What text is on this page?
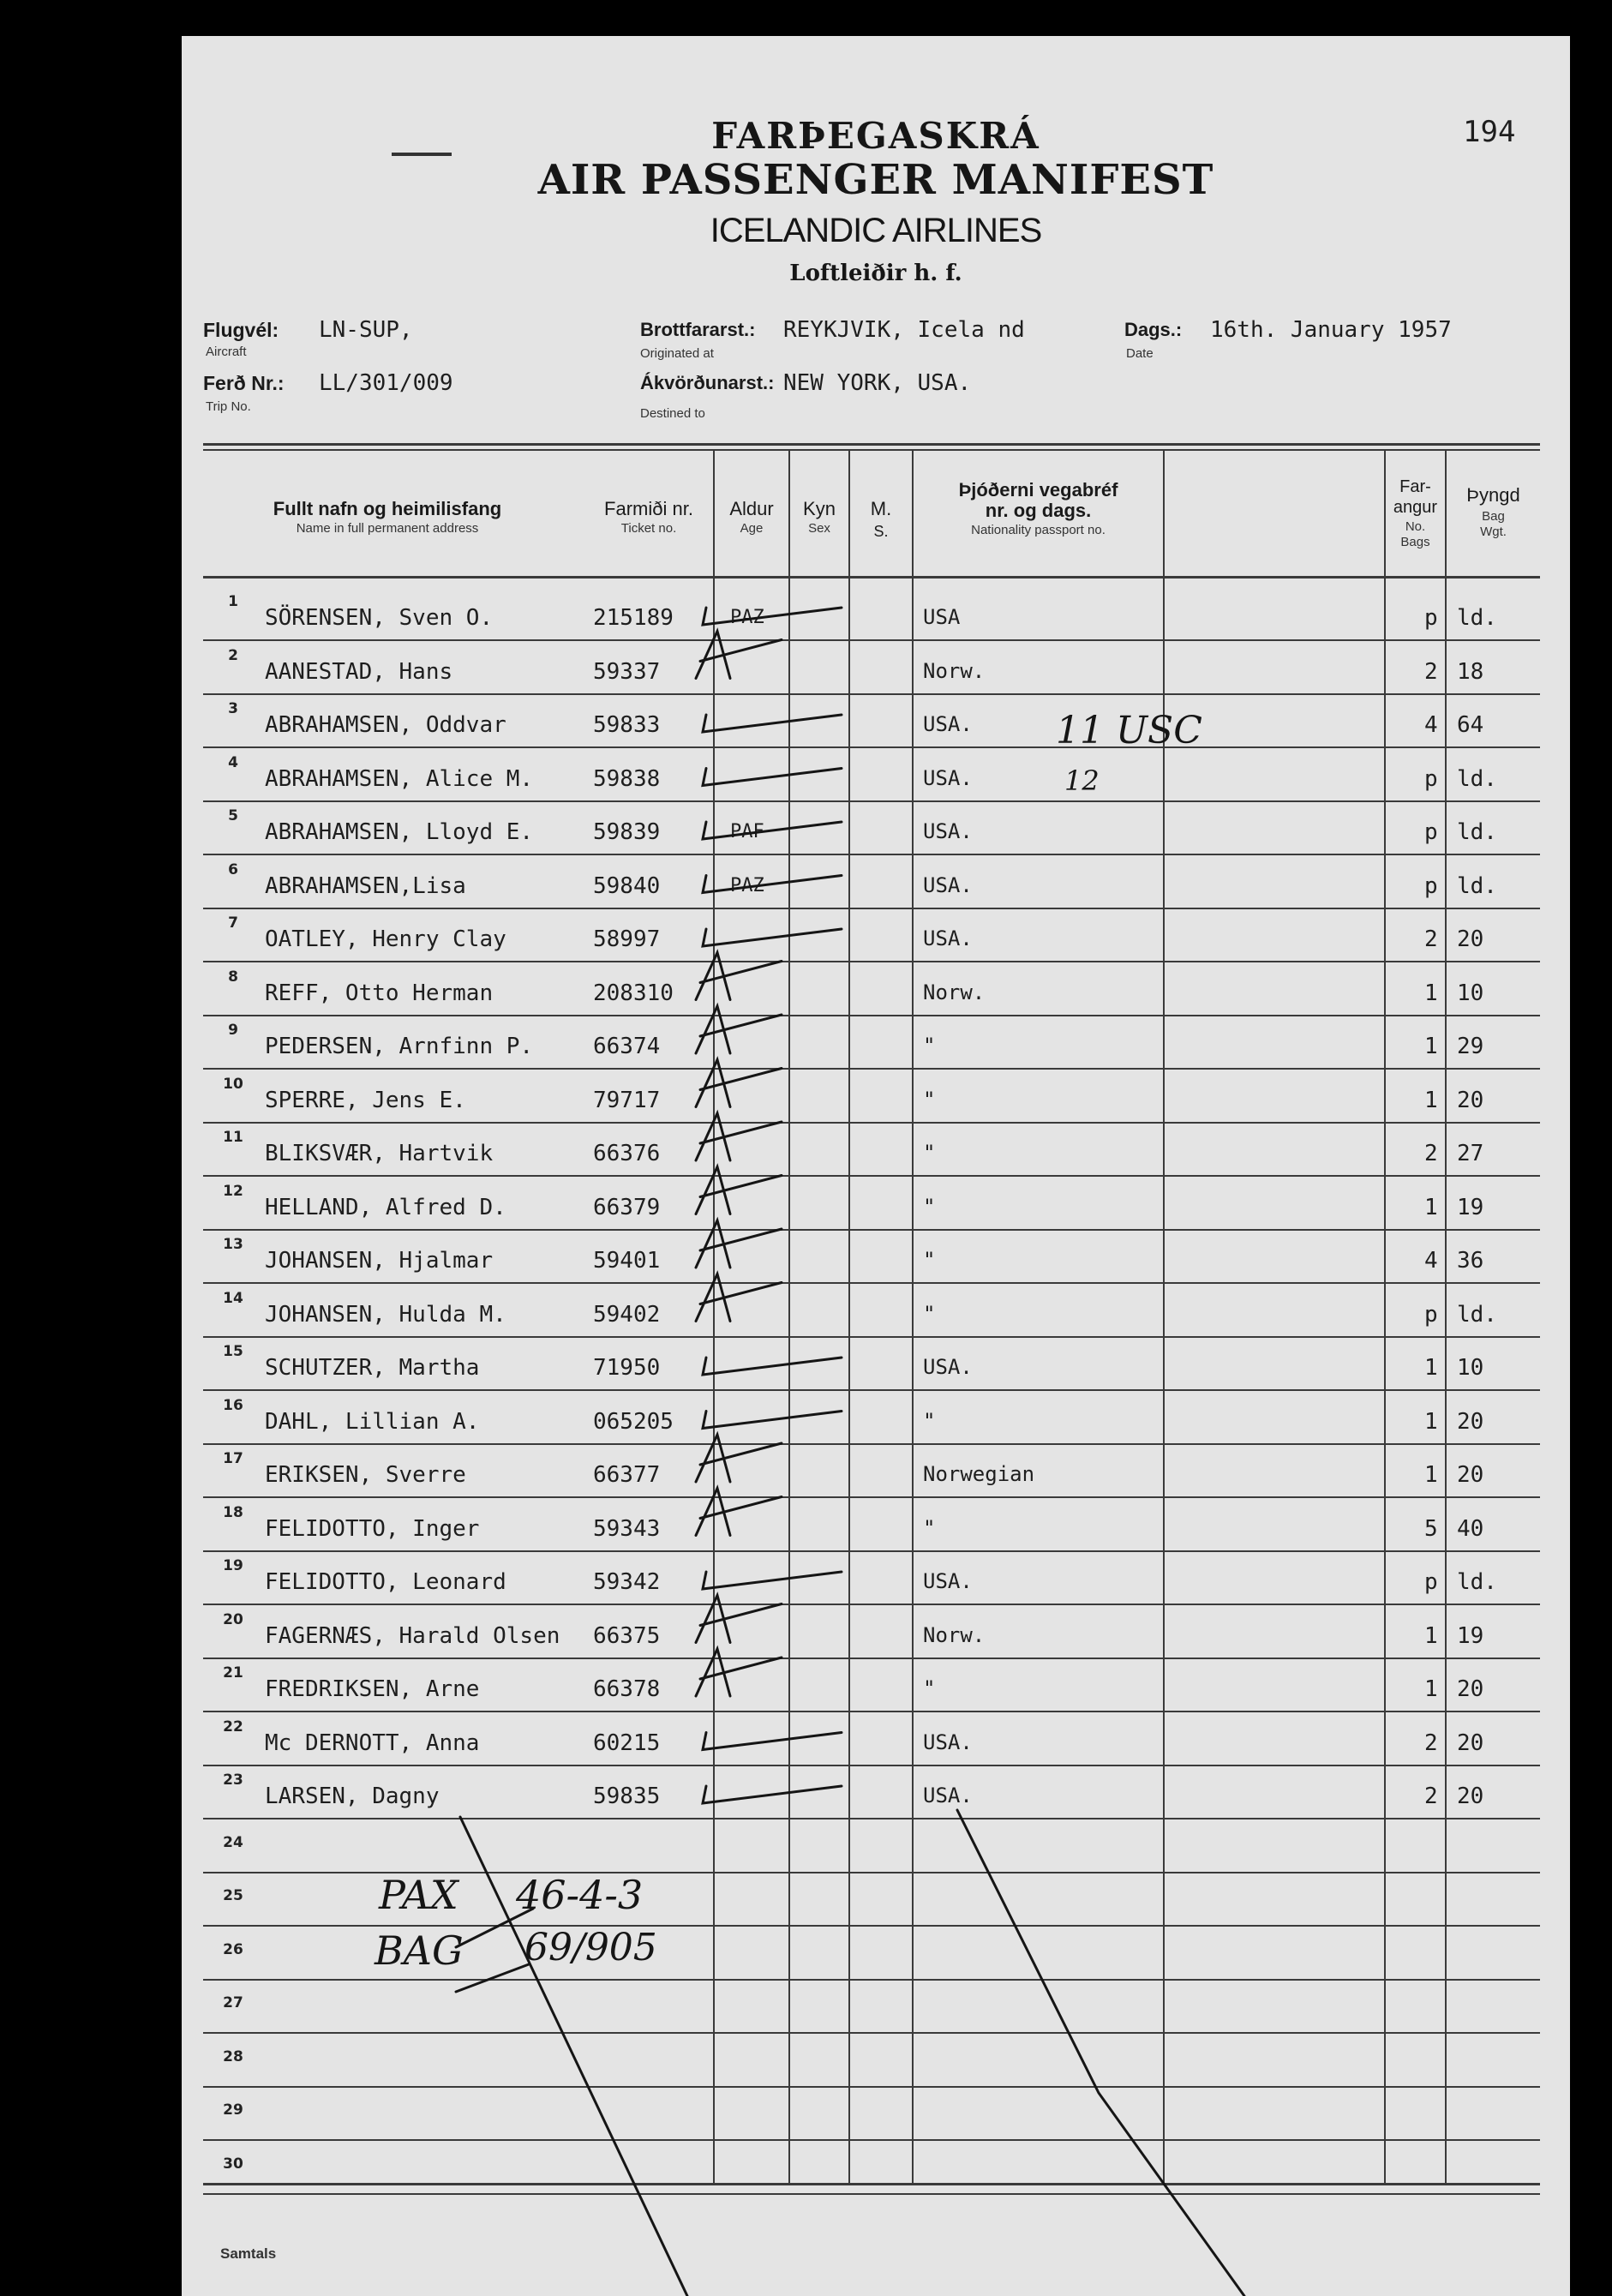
194
FARÞEGASKRÁ
AIR PASSENGER MANIFEST
ICELANDIC AIRLINES
Loftleiðir h. f.
Flugvél:
Aircraft
LN-SUP,
Ferð Nr.:
Trip No.
LL/301/009
Brottfararst.:
Originated at
REYKJVIK, Icela nd
Ákvörðunarst.:
Destined to
NEW YORK, USA.
Dags.:
Date
16th. January 1957
Fullt nafn og heimilisfang
Name in full permanent address
Farmiði nr.
Ticket no.
Aldur
Age
Kyn
Sex
M.
S.
Þjóðerni vegabréf
nr. og dags.
Nationality passport no.
Far-
angur
No.
Bags
Þyngd
Bag
Wgt.
1
SÖRENSEN, Sven O.	215189	PAZ	USA	p ld.
2
AANESTAD, Hans	59337	Norw.	2 18
3
ABRAHAMSEN, Oddvar	59833	USA.	4 64
4
ABRAHAMSEN, Alice M.	59838	USA.	p ld.
5
ABRAHAMSEN, Lloyd E.	59839	PAF	USA.	p ld.
6
ABRAHAMSEN,Lisa	59840	PAZ	USA.	p ld.
7
OATLEY, Henry Clay	58997	USA.	2 20
8
REFF, Otto Herman	208310	Norw.	1 10
9
PEDERSEN, Arnfinn P.	66374	"	1 29
10
SPERRE, Jens E.	79717	"	1 20
11
BLIKSVÆR, Hartvik	66376	"	2 27
12
HELLAND, Alfred D.	66379	"	1 19
13
JOHANSEN, Hjalmar	59401	"	4 36
14
JOHANSEN, Hulda M.	59402	"	p ld.
15
SCHUTZER, Martha	71950	USA.	1 10
16
DAHL, Lillian A.	065205	"	1 20
17
ERIKSEN, Sverre	66377	Norwegian	1 20
18
FELIDOTTO, Inger	59343	"	5 40
19
FELIDOTTO, Leonard	59342	USA.	p ld.
20
FAGERNÆS, Harald Olsen 66375	Norw.	1 19
21
FREDRIKSEN, Arne	66378	"	1 20
22
Mc DERNOTT, Anna	60215	USA.	2 20
23
LARSEN, Dagny	59835	USA.	2 20
24
25
26
27
28
29
30
11 USC
12
PAX 46-4-3
BAG 69/905
Samtals
